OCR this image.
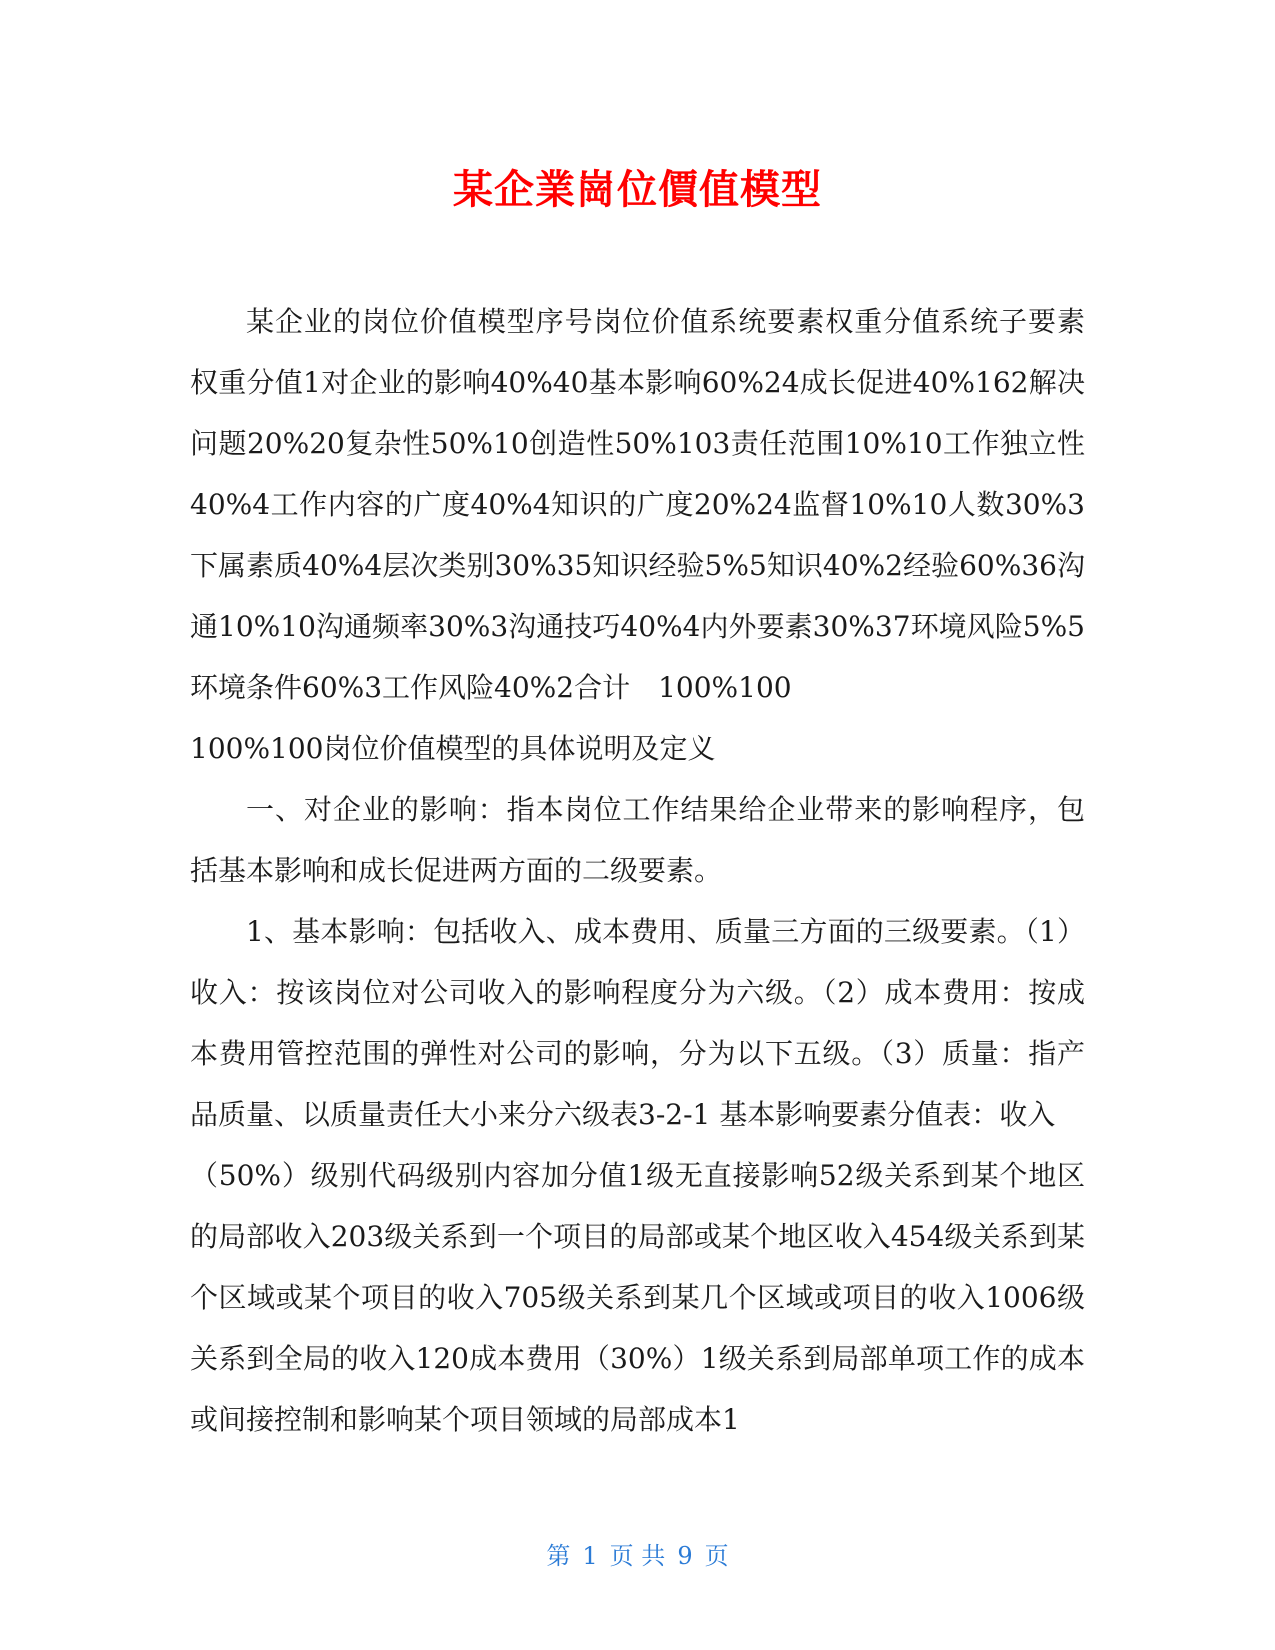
某企業崗位價值模型

某企业的岗位价值模型序号岗位价值系统要素权重分值系统子要素权重分值1对企业的影响40%40基本影响60%24成长促进40%162解决问题20%20复杂性50%10创造性50%103责任范围10%10工作独立性40%4工作内容的广度40%4知识的广度20%24监督10%10人数30%3下属素质40%4层次类别30%35知识经验5%5知识40%2经验60%36沟通10%10沟通频率30%3沟通技巧40%4内外要素30%37环境风险5%5环境条件60%3工作风险40%2合计　100%100

100%100岗位价值模型的具体说明及定义

一、对企业的影响：指本岗位工作结果给企业带来的影响程序，包括基本影响和成长促进两方面的二级要素。

1、基本影响：包括收入、成本费用、质量三方面的三级要素。（1）收入：按该岗位对公司收入的影响程度分为六级。（2）成本费用：按成本费用管控范围的弹性对公司的影响，分为以下五级。（3）质量：指产品质量、以质量责任大小来分六级表3-2-1 基本影响要素分值表：收入

（50%）级别代码级别内容加分值1级无直接影响52级关系到某个地区的局部收入203级关系到一个项目的局部或某个地区收入454级关系到某个区域或某个项目的收入705级关系到某几个区域或项目的收入1006级关系到全局的收入120成本费用（30%）1级关系到局部单项工作的成本或间接控制和影响某个项目领域的局部成本1

第 1 页 共 9 页
